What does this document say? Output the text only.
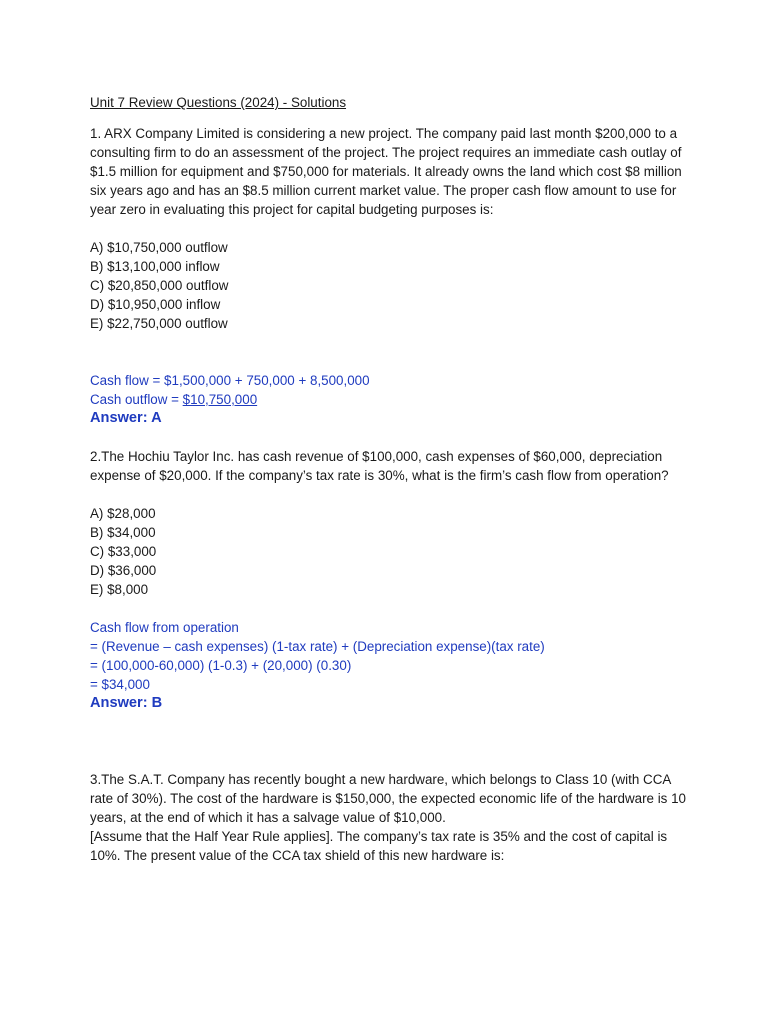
Unit 7 Review Questions (2024) - Solutions

1. ARX Company Limited is considering a new project. The company paid last month $200,000 to a consulting firm to do an assessment of the project. The project requires an immediate cash outlay of $1.5 million for equipment and $750,000 for materials. It already owns the land which cost $8 million six years ago and has an $8.5 million current market value. The proper cash flow amount to use for year zero in evaluating this project for capital budgeting purposes is:

A) $10,750,000 outflow
B) $13,100,000 inflow
C) $20,850,000 outflow
D) $10,950,000 inflow
E) $22,750,000 outflow

Cash flow = $1,500,000 + 750,000 + 8,500,000

Cash outflow = $10,750,000

Answer: A

2.The Hochiu Taylor Inc. has cash revenue of $100,000, cash expenses of $60,000, depreciation expense of $20,000. If the company’s tax rate is 30%, what is the firm’s cash flow from operation?

A) $28,000
B) $34,000
C) $33,000
D) $36,000
E) $8,000

Cash flow from operation

= (Revenue – cash expenses) (1-tax rate) + (Depreciation expense)(tax rate)

= (100,000-60,000) (1-0.3) + (20,000) (0.30)

= $34,000

Answer: B

3.The S.A.T. Company has recently bought a new hardware, which belongs to Class 10 (with CCA rate of 30%). The cost of the hardware is $150,000, the expected economic life of the hardware is 10 years, at the end of which it has a salvage value of $10,000.

[Assume that the Half Year Rule applies]. The company’s tax rate is 35% and the cost of capital is 10%. The present value of the CCA tax shield of this new hardware is:
